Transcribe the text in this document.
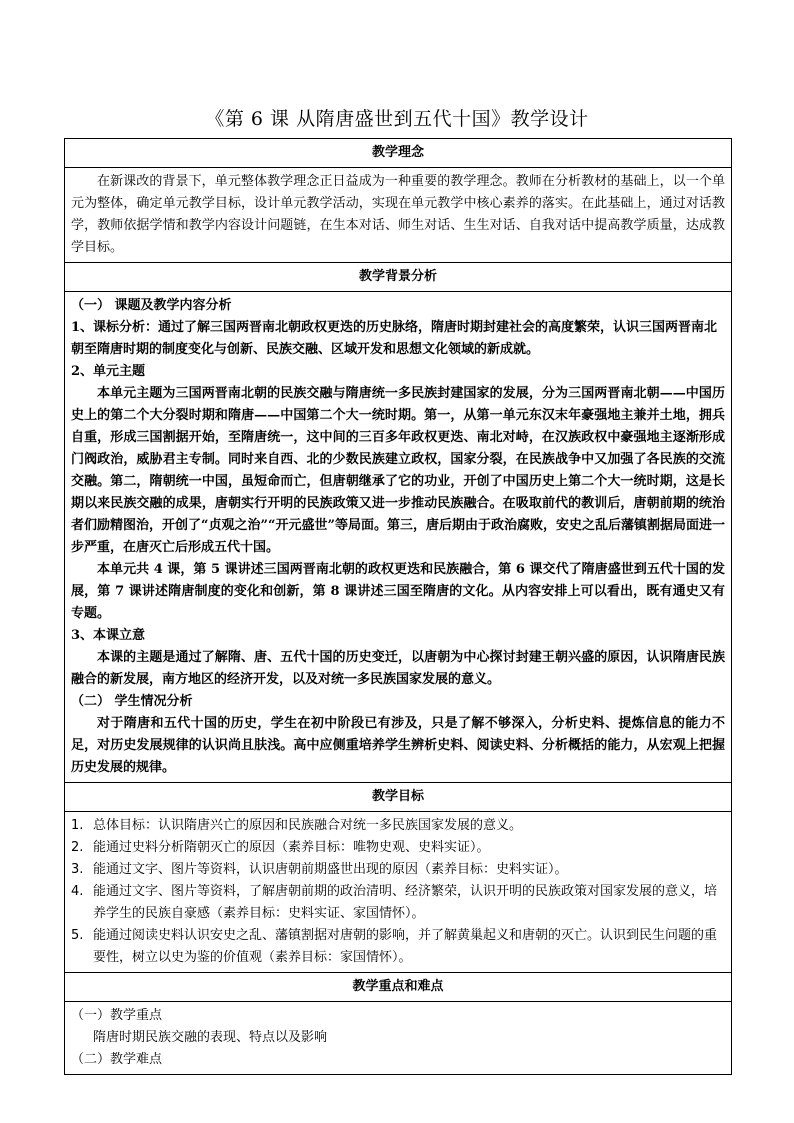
《第 6 课 从隋唐盛世到五代十国》教学设计
教学理念

在新课改的背景下，单元整体教学理念正日益成为一种重要的教学理念。教师在分析教材的基础上，以一个单元为整体，确定单元教学目标，设计单元教学活动，实现在单元教学中核心素养的落实。在此基础上，通过对话教学，教师依据学情和教学内容设计问题链，在生本对话、师生对话、生生对话、自我对话中提高教学质量，达成教学目标。

教学背景分析

（一） 课题及教学内容分析

1、课标分析：通过了解三国两晋南北朝政权更迭的历史脉络，隋唐时期封建社会的高度繁荣，认识三国两晋南北朝至隋唐时期的制度变化与创新、民族交融、区域开发和思想文化领域的新成就。

2、单元主题

本单元主题为三国两晋南北朝的民族交融与隋唐统一多民族封建国家的发展，分为三国两晋南北朝——中国历史上的第二个大分裂时期和隋唐——中国第二个大一统时期。第一，从第一单元东汉末年豪强地主兼并土地，拥兵自重，形成三国割据开始，至隋唐统一，这中间的三百多年政权更迭、南北对峙，在汉族政权中豪强地主逐渐形成门阀政治，威胁君主专制。同时来自西、北的少数民族建立政权，国家分裂，在民族战争中又加强了各民族的交流交融。第二，隋朝统一中国，虽短命而亡，但唐朝继承了它的功业，开创了中国历史上第二个大一统时期，这是长期以来民族交融的成果，唐朝实行开明的民族政策又进一步推动民族融合。在吸取前代的教训后，唐朝前期的统治者们励精图治，开创了“贞观之治”“开元盛世”等局面。第三，唐后期由于政治腐败，安史之乱后藩镇割据局面进一步严重，在唐灭亡后形成五代十国。

本单元共 4 课，第 5 课讲述三国两晋南北朝的政权更迭和民族融合，第 6 课交代了隋唐盛世到五代十国的发展，第 7 课讲述隋唐制度的变化和创新，第 8 课讲述三国至隋唐的文化。从内容安排上可以看出，既有通史又有专题。

3、本课立意

本课的主题是通过了解隋、唐、五代十国的历史变迁，以唐朝为中心探讨封建王朝兴盛的原因，认识隋唐民族融合的新发展，南方地区的经济开发，以及对统一多民族国家发展的意义。

（二） 学生情况分析

对于隋唐和五代十国的历史，学生在初中阶段已有涉及，只是了解不够深入，分析史料、提炼信息的能力不足，对历史发展规律的认识尚且肤浅。高中应侧重培养学生辨析史料、阅读史料、分析概括的能力，从宏观上把握历史发展的规律。

教学目标

1. 总体目标：认识隋唐兴亡的原因和民族融合对统一多民族国家发展的意义。
2. 能通过史料分析隋朝灭亡的原因（素养目标：唯物史观、史料实证）。
3. 能通过文字、图片等资料，认识唐朝前期盛世出现的原因（素养目标：史料实证）。
4. 能通过文字、图片等资料，了解唐朝前期的政治清明、经济繁荣，认识开明的民族政策对国家发展的意义，培养学生的民族自豪感（素养目标：史料实证、家国情怀）。
5. 能通过阅读史料认识安史之乱、藩镇割据对唐朝的影响，并了解黄巢起义和唐朝的灭亡。认识到民生问题的重要性，树立以史为鉴的价值观（素养目标：家国情怀）。

教学重点和难点

（一）教学重点

隋唐时期民族交融的表现、特点以及影响

（二）教学难点
